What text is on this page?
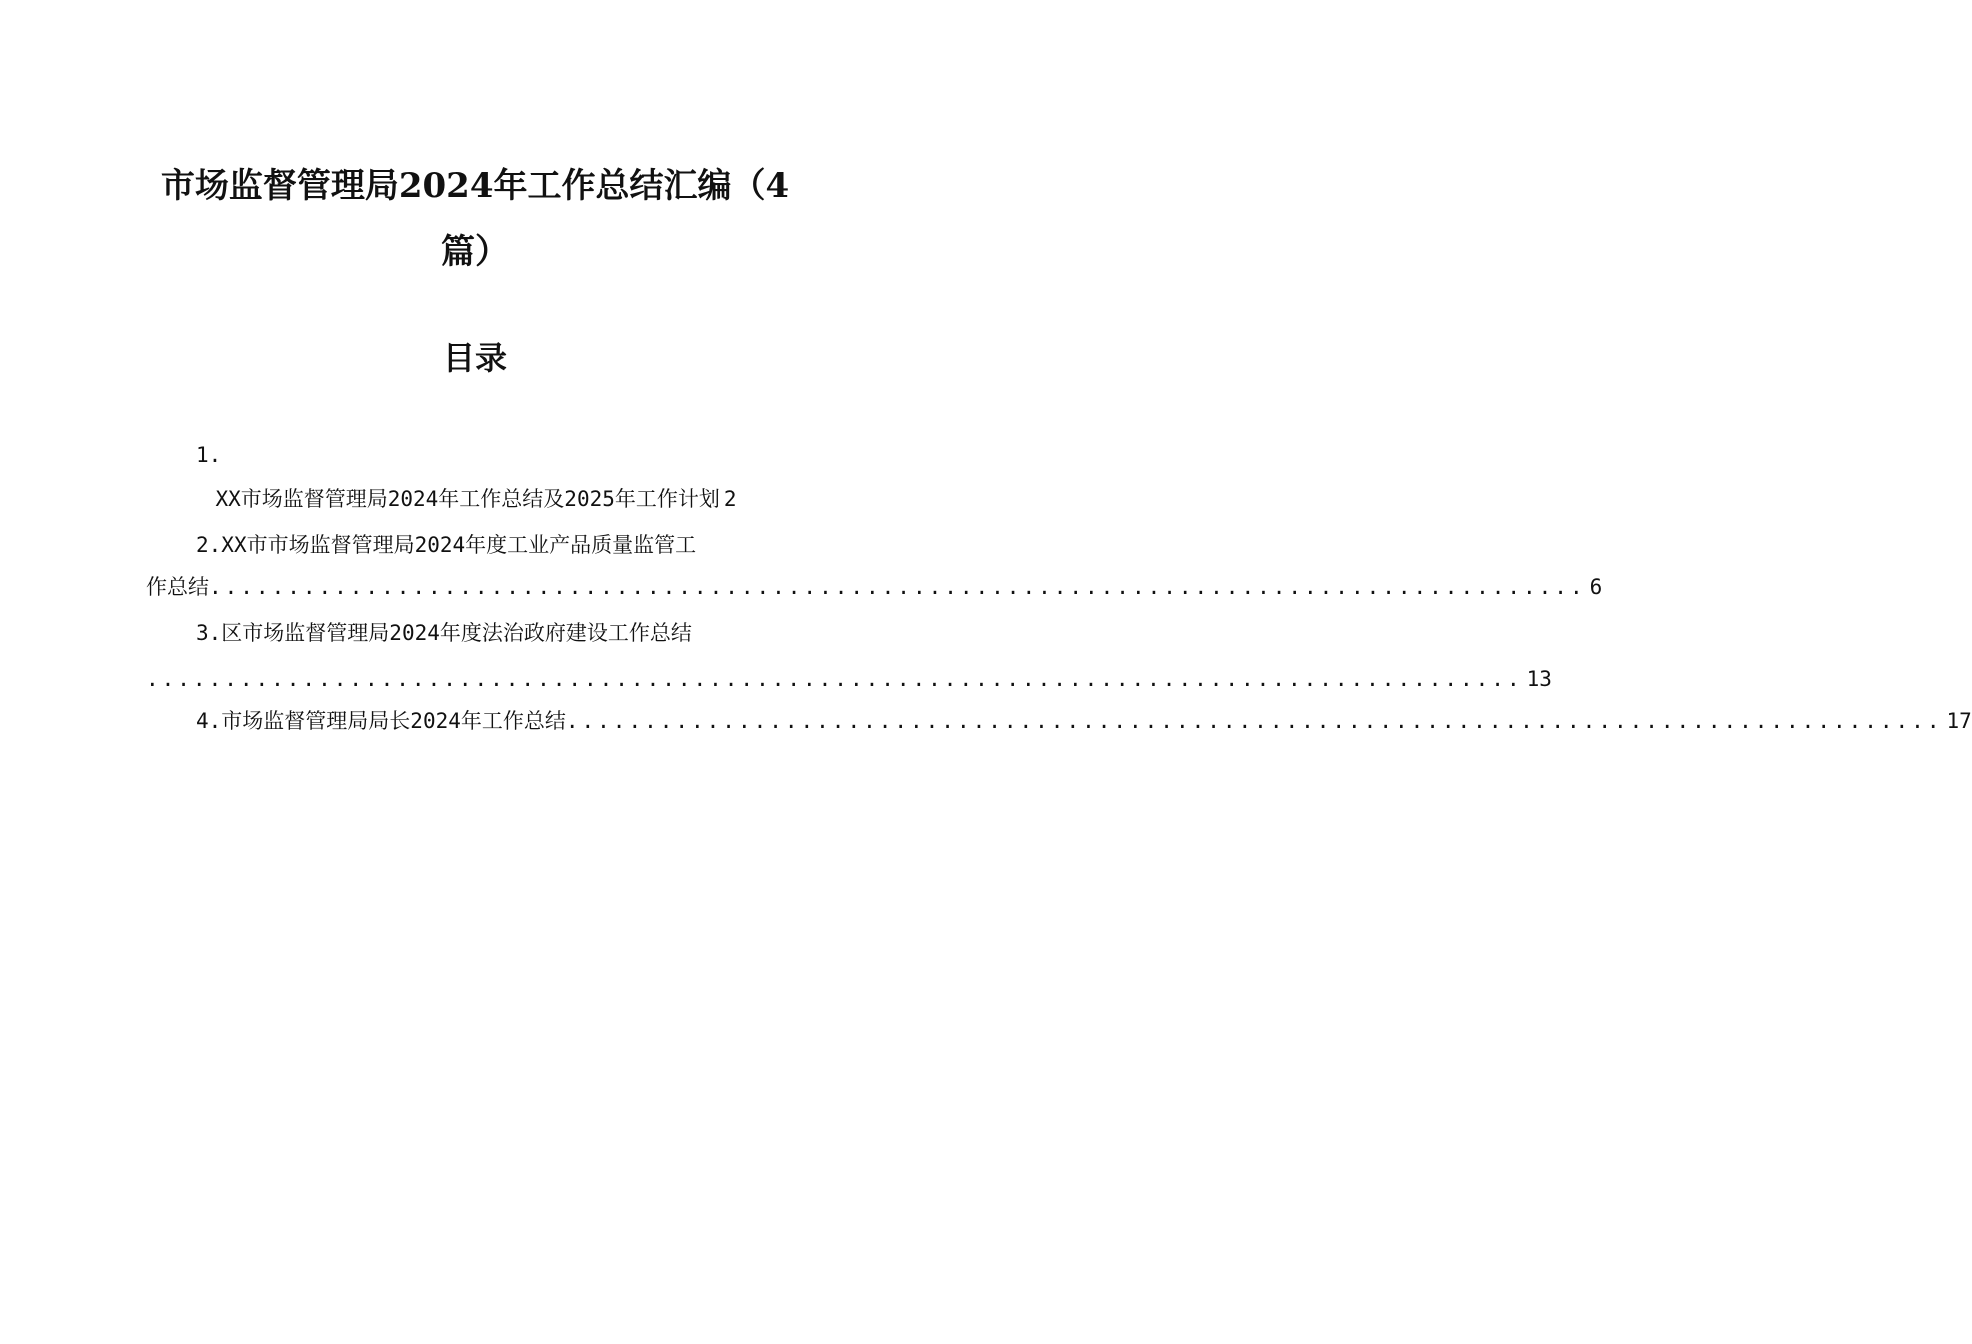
市场监督管理局2024年工作总结汇编（4
篇）
目录
1.
XX市场监督管理局2024年工作总结及2025年工作计划 2
2.XX市市场监督管理局2024年度工业产品质量监管工
作总结 ........................................................................................ 6
3.区市场监督管理局2024年度法治政府建设工作总结
........................................................................................ 13
4. 市场监督管理局局长2024年工作总结 ........................................................................................ 17
